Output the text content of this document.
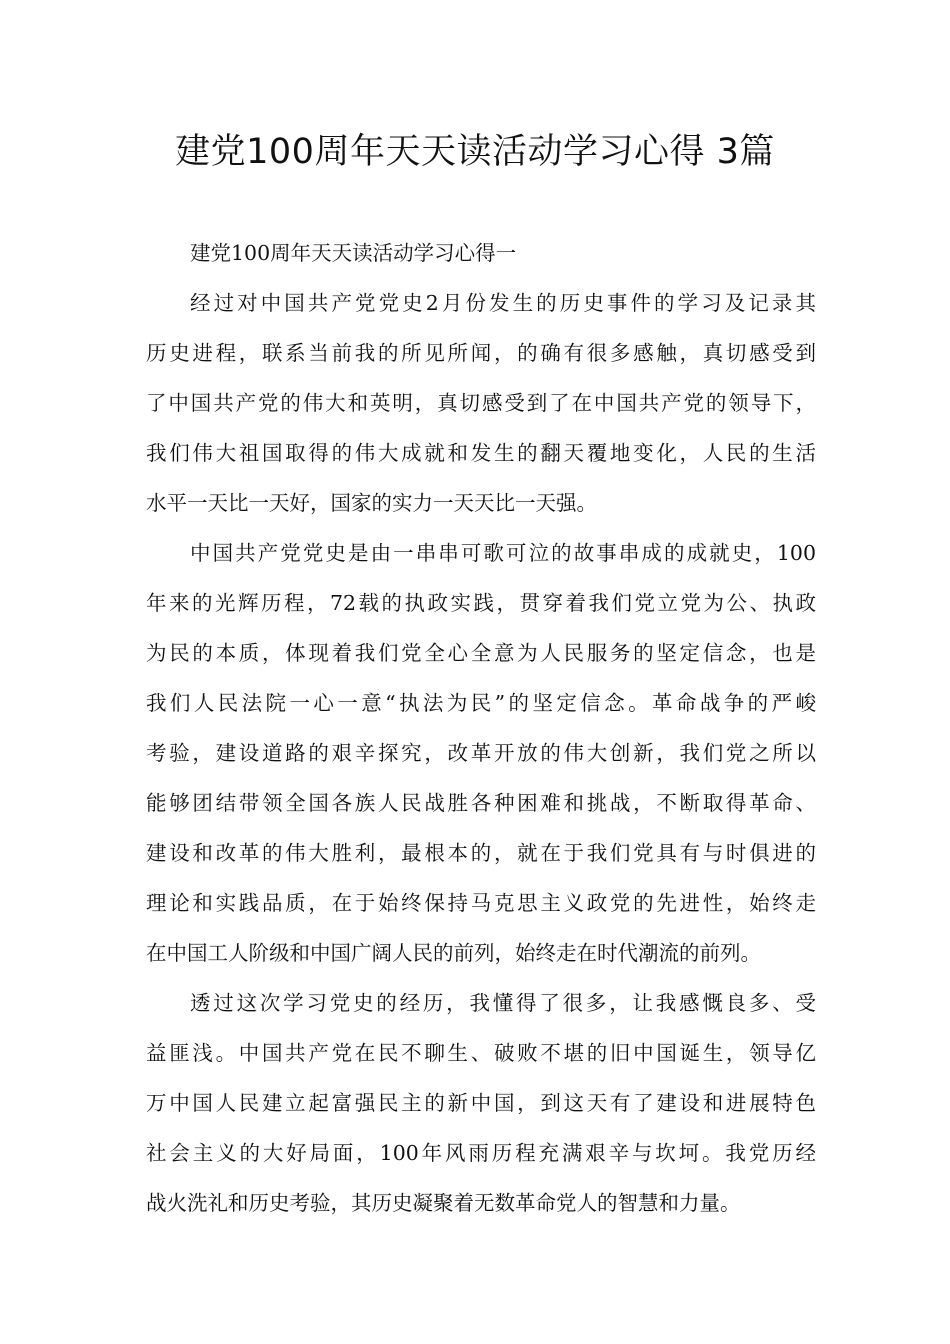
建党100周年天天读活动学习心得 3篇

建党100周年天天读活动学习心得一

经过对中国共产党党史2月份发生的历史事件的学习及记录其
历史进程，联系当前我的所见所闻，的确有很多感触，真切感受到
了中国共产党的伟大和英明，真切感受到了在中国共产党的领导下，
我们伟大祖国取得的伟大成就和发生的翻天覆地变化，人民的生活
水平一天比一天好，国家的实力一天天比一天强。
中国共产党党史是由一串串可歌可泣的故事串成的成就史，100
年来的光辉历程，72载的执政实践，贯穿着我们党立党为公、执政
为民的本质，体现着我们党全心全意为人民服务的坚定信念，也是
我们人民法院一心一意“执法为民”的坚定信念。革命战争的严峻
考验，建设道路的艰辛探究，改革开放的伟大创新，我们党之所以
能够团结带领全国各族人民战胜各种困难和挑战，不断取得革命、
建设和改革的伟大胜利，最根本的，就在于我们党具有与时俱进的
理论和实践品质，在于始终保持马克思主义政党的先进性，始终走
在中国工人阶级和中国广阔人民的前列，始终走在时代潮流的前列。
透过这次学习党史的经历，我懂得了很多，让我感慨良多、受
益匪浅。中国共产党在民不聊生、破败不堪的旧中国诞生，领导亿
万中国人民建立起富强民主的新中国，到这天有了建设和进展特色
社会主义的大好局面，100年风雨历程充满艰辛与坎坷。我党历经
战火洗礼和历史考验，其历史凝聚着无数革命党人的智慧和力量。
